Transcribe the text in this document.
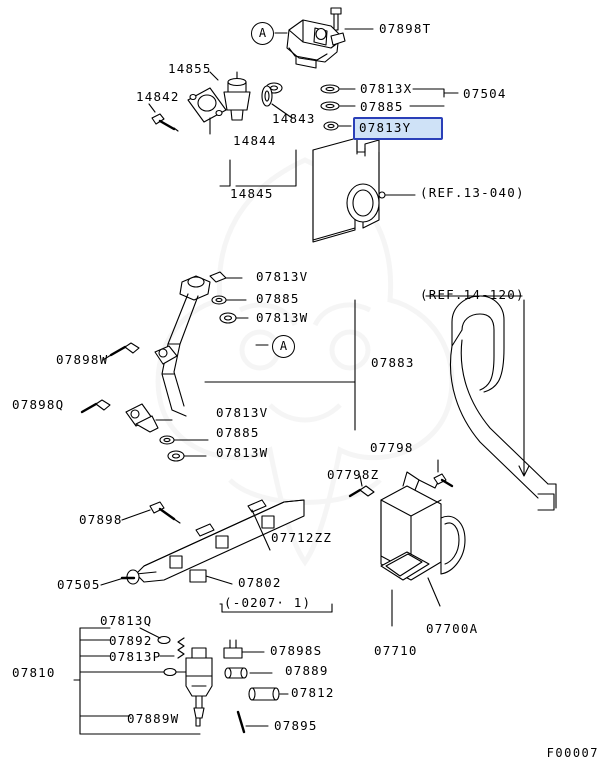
A
A
07898T
14855
14842
07813X	07504
07885
14843
07813Y
14844
14845	(REF.13-040)
07813V
07885
07813W
(REF.14-120)
07898W	07883
07898Q
07813V
07885
07813W	07798
07798Z
07898
07712ZZ
07505	07802
07700A
07710
(-0207· 1)
07813Q
07892
07898S
07813P
07889
07810
07812
07889W	07895
F00007
